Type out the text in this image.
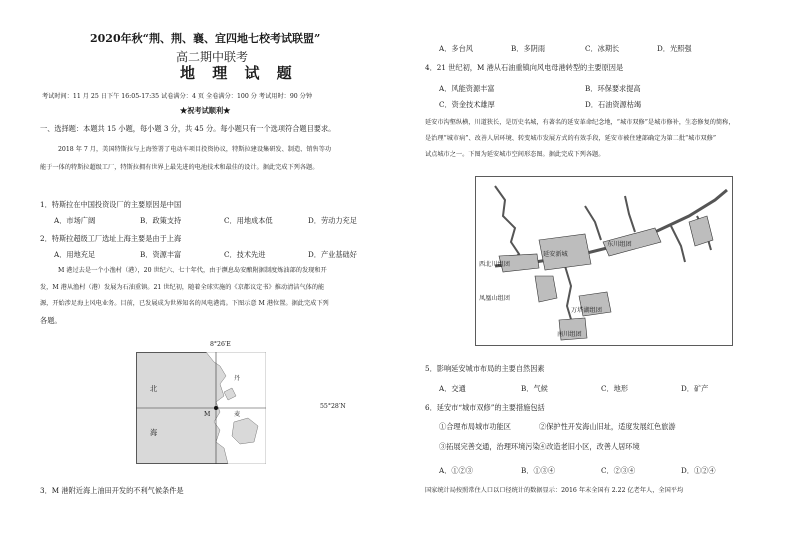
2020年秋“荆、荆、襄、宜四地七校考试联盟”
高二期中联考
地 理 试 题
考试时间：11 月 25 日下午 16:05-17:35 试卷满分：4 页 全卷满分：100 分 考试用时：90 分钟
★祝考试顺利★
一、选择题：本题共 15 小题，每小题 3 分，共 45 分。每小题只有一个选项符合题目要求。
2018 年 7 月，美国特斯拉与上海签署了电动车项目投资协议，特斯拉建设集研发、制造、销售等功
能于一体的特斯拉超级工厂，特斯拉拥有世界上最先进的电池技术和最佳的设计。据此完成下列各题。
1．特斯拉在中国投资设厂的主要原因是中国
A．市场广阔	B．政策支持	C．用地成本低	D．劳动力充足
2．特斯拉超级工厂选址上海主要是由于上海
A．用地充足	B．资源丰富	C．技术先进	D．产业基础好
M 港过去是一个小渔村（港），20 世纪六、七十年代，由于濒息岛安酿附据制度炼油部的发现和开
发，M 港从渔村（港）发展为石油重镇。21 世纪初，随着全球实施的《京都议定书》推动清洁气体的能
源，开始涉足海上风电业务。目前，已发展成为世界知名的风电港湾。下图示意 M 港位置。据此完成下列
各题。
8°26′E
55°28′N
M
北
海
丹
麦
3．M 港附近海上油田开发的不利气候条件是
A．多台风	B．多阴雨	C．冰期长	D．光照强
4．21 世纪初，M 港从石油重镇向风电母港转型的主要原因是
A．风能资源丰富	B．环保要求提高
C．资金技术雄厚	D．石油资源枯竭
延安市沟壑纵横，川道狭长，是历史名城，有著名的延安革命纪念地，“城市双修”是城市修补，生态修复的简称，
是治理“城市病”、改善人居环境、转变城市发展方式的有效手段，延安市被住建部确定为第二批“城市双修”
试点城市之一。下图为延安城市空间形态图。据此完成下列各题。
西北川组团
延安新城
东川组团
凤凰山组团
万塔湖组团
南川组团
5．影响延安城市布局的主要自然因素
A．交通	B．气候	C．地形	D．矿产
6．延安市“城市双修”的主要措施包括
①合理布局城市功能区	②保护性开发海山旧址，适度发展红色旅游
③拓展完善交通，治理环境污染 ④改造老旧小区，改善人居环境
A．①②③	B．①③④	C．②③④	D．①②④
国家统计局按照常住人口以口径统计的数据显示：2016 年末全国有 2.22 亿老年人，全国平均
